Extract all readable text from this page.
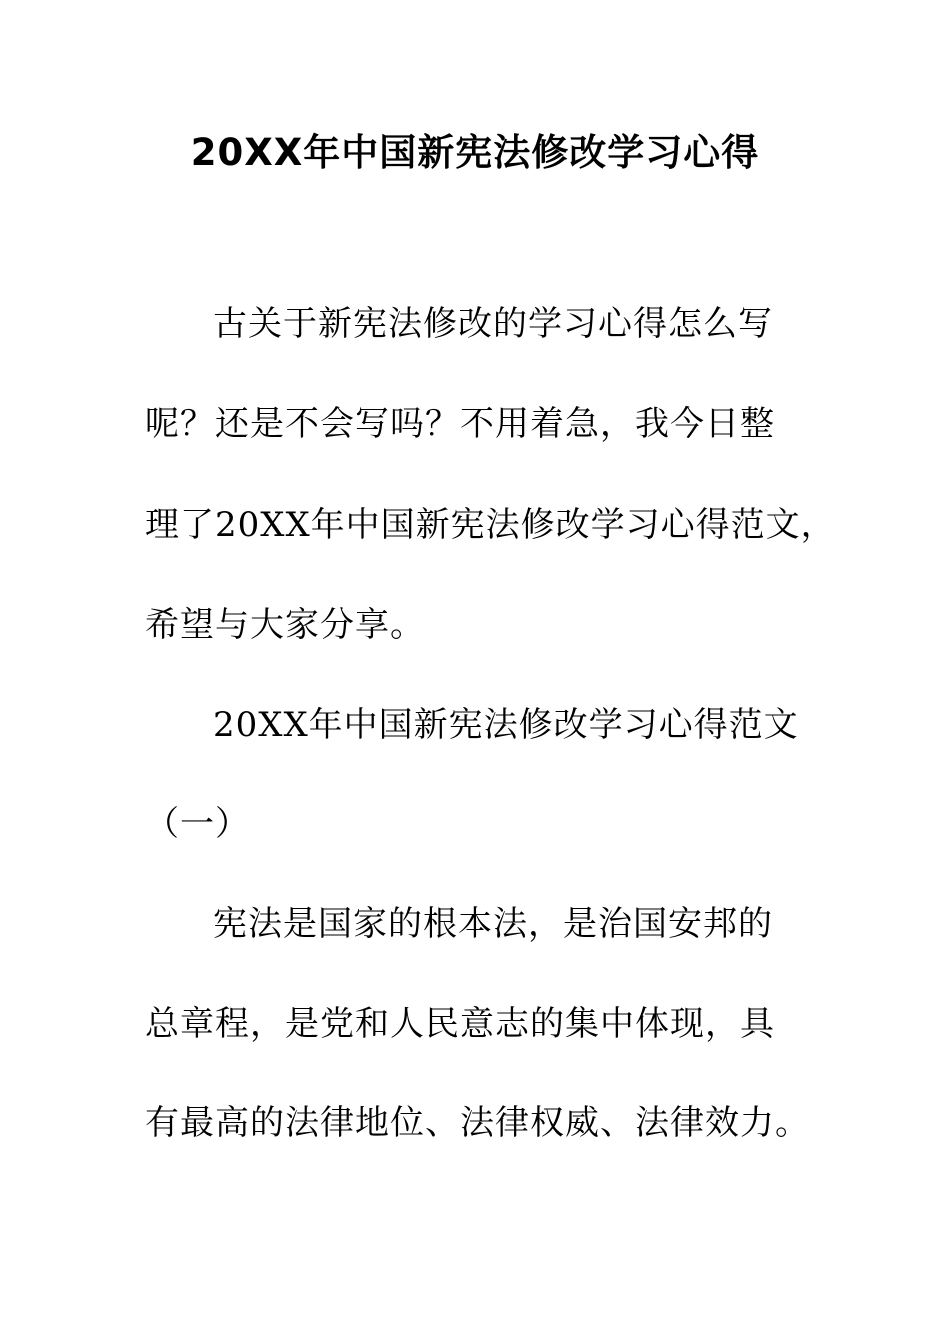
20XX年中国新宪法修改学习心得
古关于新宪法修改的学习心得怎么写
呢？还是不会写吗？不用着急，我今日整
理了20XX年中国新宪法修改学习心得范文，
希望与大家分享。
20XX年中国新宪法修改学习心得范文
（一）
宪法是国家的根本法，是治国安邦的
总章程，是党和人民意志的集中体现，具
有最高的法律地位、法律权威、法律效力。
